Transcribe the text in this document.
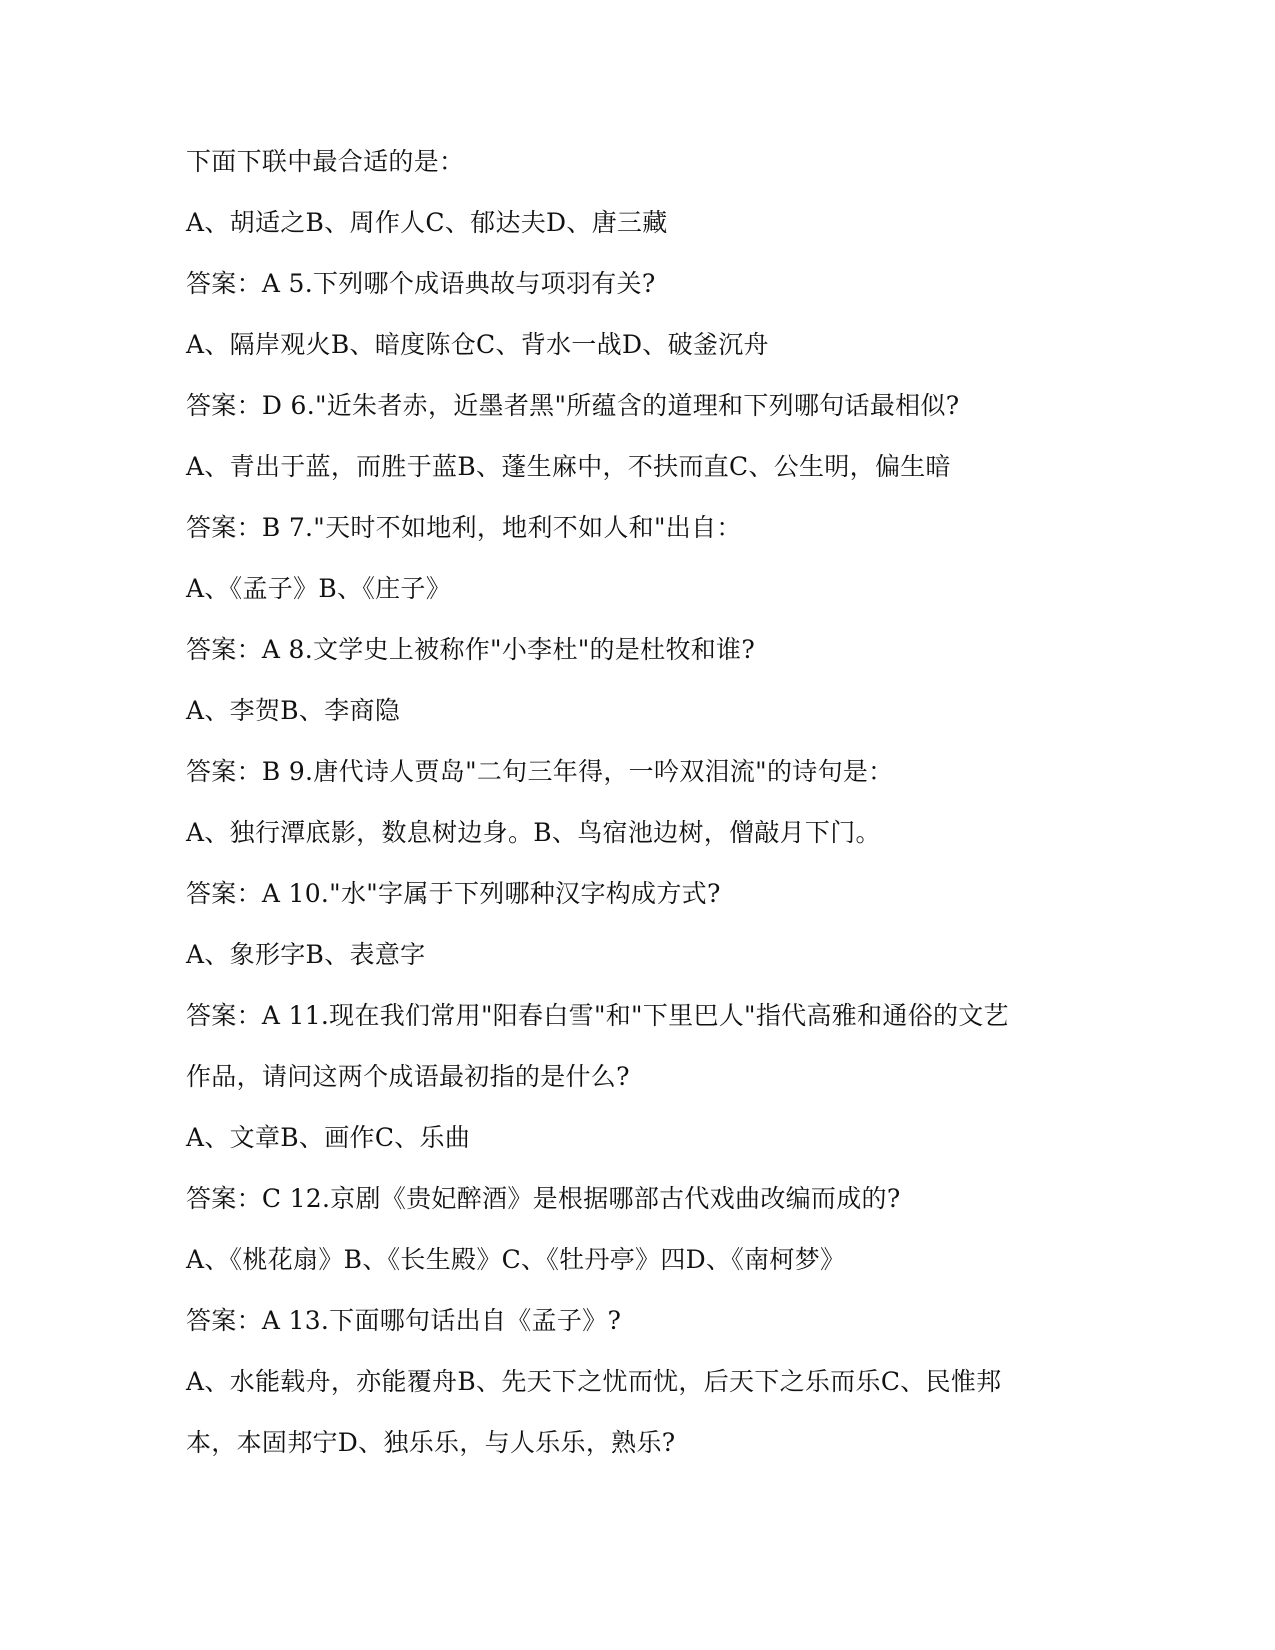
下面下联中最合适的是：
A、胡适之B、周作人C、郁达夫D、唐三藏
答案：A 5.下列哪个成语典故与项羽有关?
A、隔岸观火B、暗度陈仓C、背水一战D、破釜沉舟
答案：D 6."近朱者赤，近墨者黑"所蕴含的道理和下列哪句话最相似?
A、青出于蓝，而胜于蓝B、蓬生麻中，不扶而直C、公生明，偏生暗
答案：B 7."天时不如地利，地利不如人和"出自：
A、《孟子》B、《庄子》
答案：A 8.文学史上被称作"小李杜"的是杜牧和谁?
A、李贺B、李商隐
答案：B 9.唐代诗人贾岛"二句三年得，一吟双泪流"的诗句是：
A、独行潭底影，数息树边身。B、鸟宿池边树，僧敲月下门。
答案：A 10."水"字属于下列哪种汉字构成方式?
A、象形字B、表意字
答案：A 11.现在我们常用"阳春白雪"和"下里巴人"指代高雅和通俗的文艺
作品，请问这两个成语最初指的是什么?
A、文章B、画作C、乐曲
答案：C 12.京剧《贵妃醉酒》是根据哪部古代戏曲改编而成的?
A、《桃花扇》B、《长生殿》C、《牡丹亭》四D、《南柯梦》
答案：A 13.下面哪句话出自《孟子》?
A、水能载舟，亦能覆舟B、先天下之忧而忧，后天下之乐而乐C、民惟邦
本，本固邦宁D、独乐乐，与人乐乐，熟乐?
